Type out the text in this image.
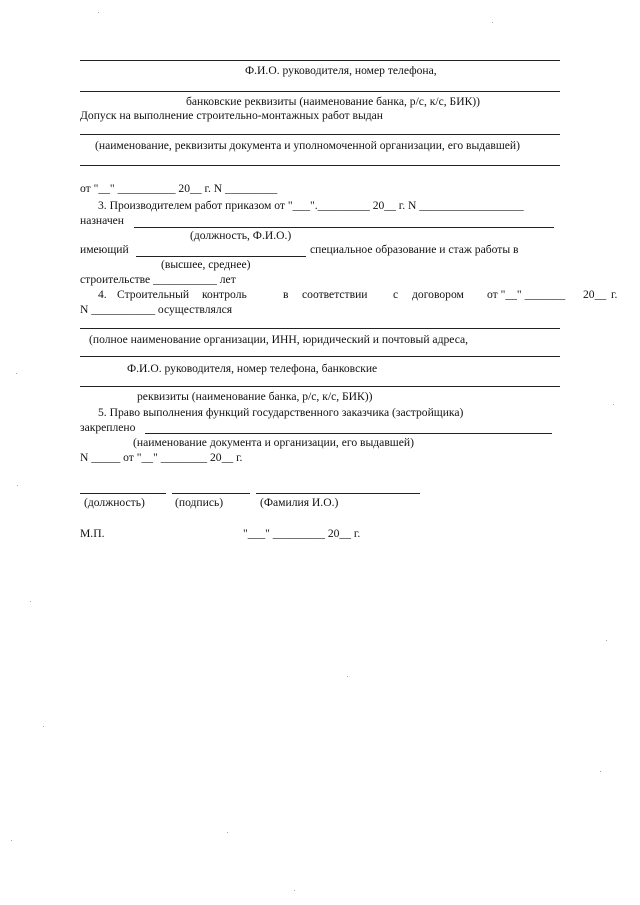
Ф.И.О. руководителя, номер телефона,
банковские реквизиты (наименование банка, р/с, к/с, БИК))
Допуск на выполнение строительно-монтажных работ выдан
(наименование, реквизиты документа и уполномоченной организации, его выдавшей)
от "__" __________ 20__ г. N _________
3. Производителем работ приказом от "___"._________ 20__ г. N __________________
назначен
(должность, Ф.И.О.)
имеющий	специальное образование и стаж работы в
(высшее, среднее)
строительстве ___________ лет
4. Строительный контроль	в соответствии с договором от "__" _______ 20__ г.
N ___________ осуществлялся
(полное наименование организации, ИНН, юридический и почтовый адреса,
Ф.И.О. руководителя, номер телефона, банковские
реквизиты (наименование банка, р/с, к/с, БИК))
5. Право выполнения функций государственного заказчика (застройщика)
закреплено
(наименование документа и организации, его выдавшей)
N _____ от "__" ________ 20__ г.
(должность)	(подпись)	(Фамилия И.О.)
М.П.	"___" _________ 20__ г.
